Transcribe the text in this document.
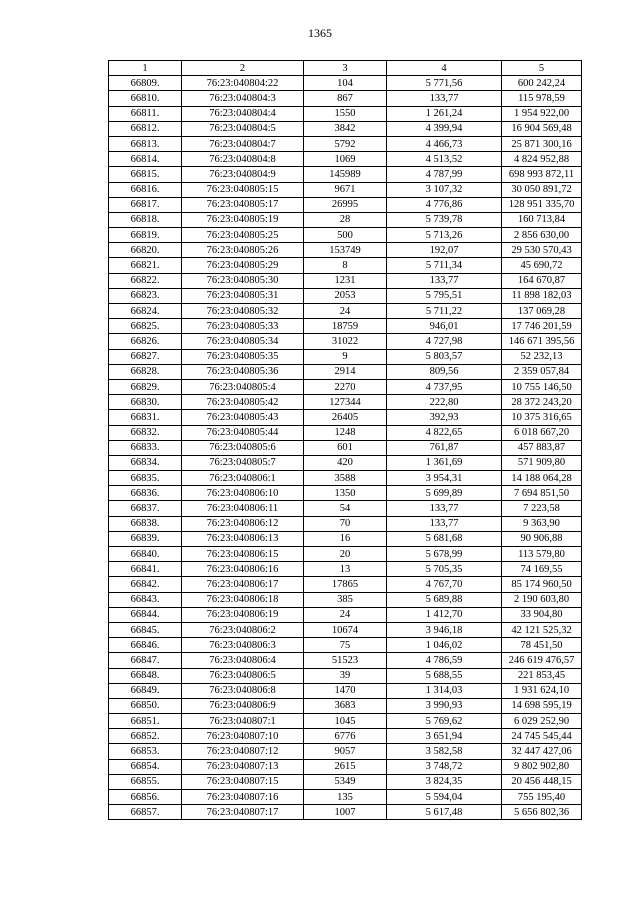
1365
1	2	3	4	5
66809.	76:23:040804:22	104	5 771,56	600 242,24
66810.	76:23:040804:3	867	133,77	115 978,59
66811.	76:23:040804:4	1550	1 261,24	1 954 922,00
66812.	76:23:040804:5	3842	4 399,94	16 904 569,48
66813.	76:23:040804:7	5792	4 466,73	25 871 300,16
66814.	76:23:040804:8	1069	4 513,52	4 824 952,88
66815.	76:23:040804:9	145989	4 787,99	698 993 872,11
66816.	76:23:040805:15	9671	3 107,32	30 050 891,72
66817.	76:23:040805:17	26995	4 776,86	128 951 335,70
66818.	76:23:040805:19	28	5 739,78	160 713,84
66819.	76:23:040805:25	500	5 713,26	2 856 630,00
66820.	76:23:040805:26	153749	192,07	29 530 570,43
66821.	76:23:040805:29	8	5 711,34	45 690,72
66822.	76:23:040805:30	1231	133,77	164 670,87
66823.	76:23:040805:31	2053	5 795,51	11 898 182,03
66824.	76:23:040805:32	24	5 711,22	137 069,28
66825.	76:23:040805:33	18759	946,01	17 746 201,59
66826.	76:23:040805:34	31022	4 727,98	146 671 395,56
66827.	76:23:040805:35	9	5 803,57	52 232,13
66828.	76:23:040805:36	2914	809,56	2 359 057,84
66829.	76:23:040805:4	2270	4 737,95	10 755 146,50
66830.	76:23:040805:42	127344	222,80	28 372 243,20
66831.	76:23:040805:43	26405	392,93	10 375 316,65
66832.	76:23:040805:44	1248	4 822,65	6 018 667,20
66833.	76:23:040805:6	601	761,87	457 883,87
66834.	76:23:040805:7	420	1 361,69	571 909,80
66835.	76:23:040806:1	3588	3 954,31	14 188 064,28
66836.	76:23:040806:10	1350	5 699,89	7 694 851,50
66837.	76:23:040806:11	54	133,77	7 223,58
66838.	76:23:040806:12	70	133,77	9 363,90
66839.	76:23:040806:13	16	5 681,68	90 906,88
66840.	76:23:040806:15	20	5 678,99	113 579,80
66841.	76:23:040806:16	13	5 705,35	74 169,55
66842.	76:23:040806:17	17865	4 767,70	85 174 960,50
66843.	76:23:040806:18	385	5 689,88	2 190 603,80
66844.	76:23:040806:19	24	1 412,70	33 904,80
66845.	76:23:040806:2	10674	3 946,18	42 121 525,32
66846.	76:23:040806:3	75	1 046,02	78 451,50
66847.	76:23:040806:4	51523	4 786,59	246 619 476,57
66848.	76:23:040806:5	39	5 688,55	221 853,45
66849.	76:23:040806:8	1470	1 314,03	1 931 624,10
66850.	76:23:040806:9	3683	3 990,93	14 698 595,19
66851.	76:23:040807:1	1045	5 769,62	6 029 252,90
66852.	76:23:040807:10	6776	3 651,94	24 745 545,44
66853.	76:23:040807:12	9057	3 582,58	32 447 427,06
66854.	76:23:040807:13	2615	3 748,72	9 802 902,80
66855.	76:23:040807:15	5349	3 824,35	20 456 448,15
66856.	76:23:040807:16	135	5 594,04	755 195,40
66857.	76:23:040807:17	1007	5 617,48	5 656 802,36
